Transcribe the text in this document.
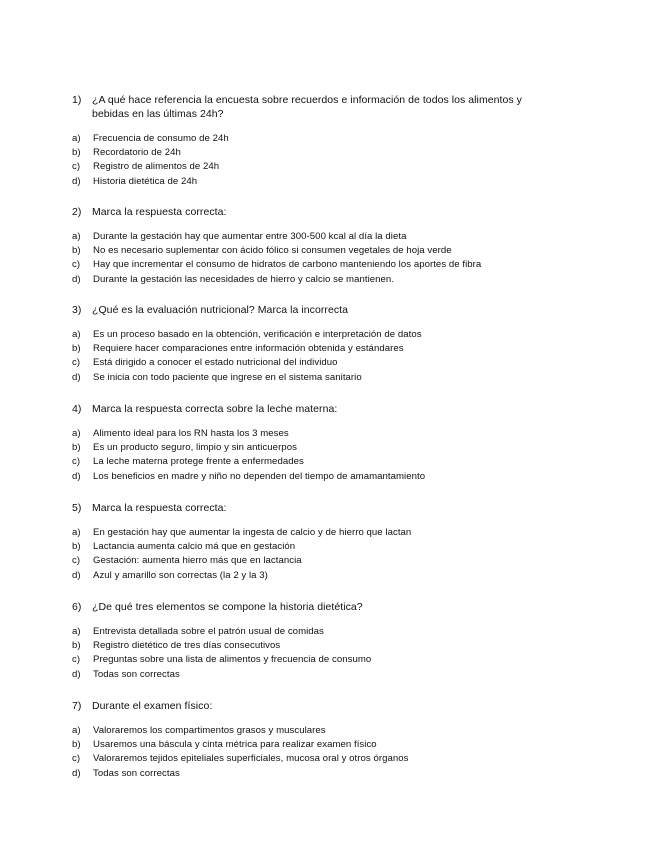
1)	¿A qué hace referencia la encuesta sobre recuerdos e información de todos los alimentos y bebidas en las últimas 24h?
a)	Frecuencia de consumo de 24h
b)	Recordatorio de 24h
c)	Registro de alimentos de 24h
d)	Historia dietética de 24h
2)	Marca la respuesta correcta:
a)	Durante la gestación hay que aumentar entre 300-500 kcal al día la dieta
b)	No es necesario suplementar con ácido fólico si consumen vegetales de hoja verde
c)	Hay que incrementar el consumo de hidratos de carbono manteniendo los aportes de fibra
d)	Durante la gestación las necesidades de hierro y calcio se mantienen.
3)	¿Qué es la evaluación nutricional? Marca la incorrecta
a)	Es un proceso basado en la obtención, verificación e interpretación de datos
b)	Requiere hacer comparaciones entre información obtenida y estándares
c)	Está dirigido a conocer el estado nutricional del individuo
d)	Se inicia con todo paciente que ingrese en el sistema sanitario
4)	Marca la respuesta correcta sobre la leche materna:
a)	Alimento ideal para los RN hasta los 3 meses
b)	Es un producto seguro, limpio y sin anticuerpos
c)	La leche materna protege frente a enfermedades
d)	Los beneficios en madre y niño no dependen del tiempo de amamantamiento
5)	Marca la respuesta correcta:
a)	En gestación hay que aumentar la ingesta de calcio y de hierro que lactan
b)	Lactancia aumenta calcio má que en gestación
c)	Gestación: aumenta hierro más que en lactancia
d)	Azul y amarillo son correctas (la 2 y la 3)
6)	¿De qué tres elementos se compone la historia dietética?
a)	Entrevista detallada sobre el patrón usual de comidas
b)	Registro dietético de tres días consecutivos
c)	Preguntas sobre una lista de alimentos y frecuencia de consumo
d)	Todas son correctas
7)	Durante el examen físico:
a)	Valoraremos los compartimentos grasos y musculares
b)	Usaremos una báscula y cinta métrica para realizar examen físico
c)	Valoraremos tejidos epiteliales superficiales, mucosa oral y otros órganos
d)	Todas son correctas
